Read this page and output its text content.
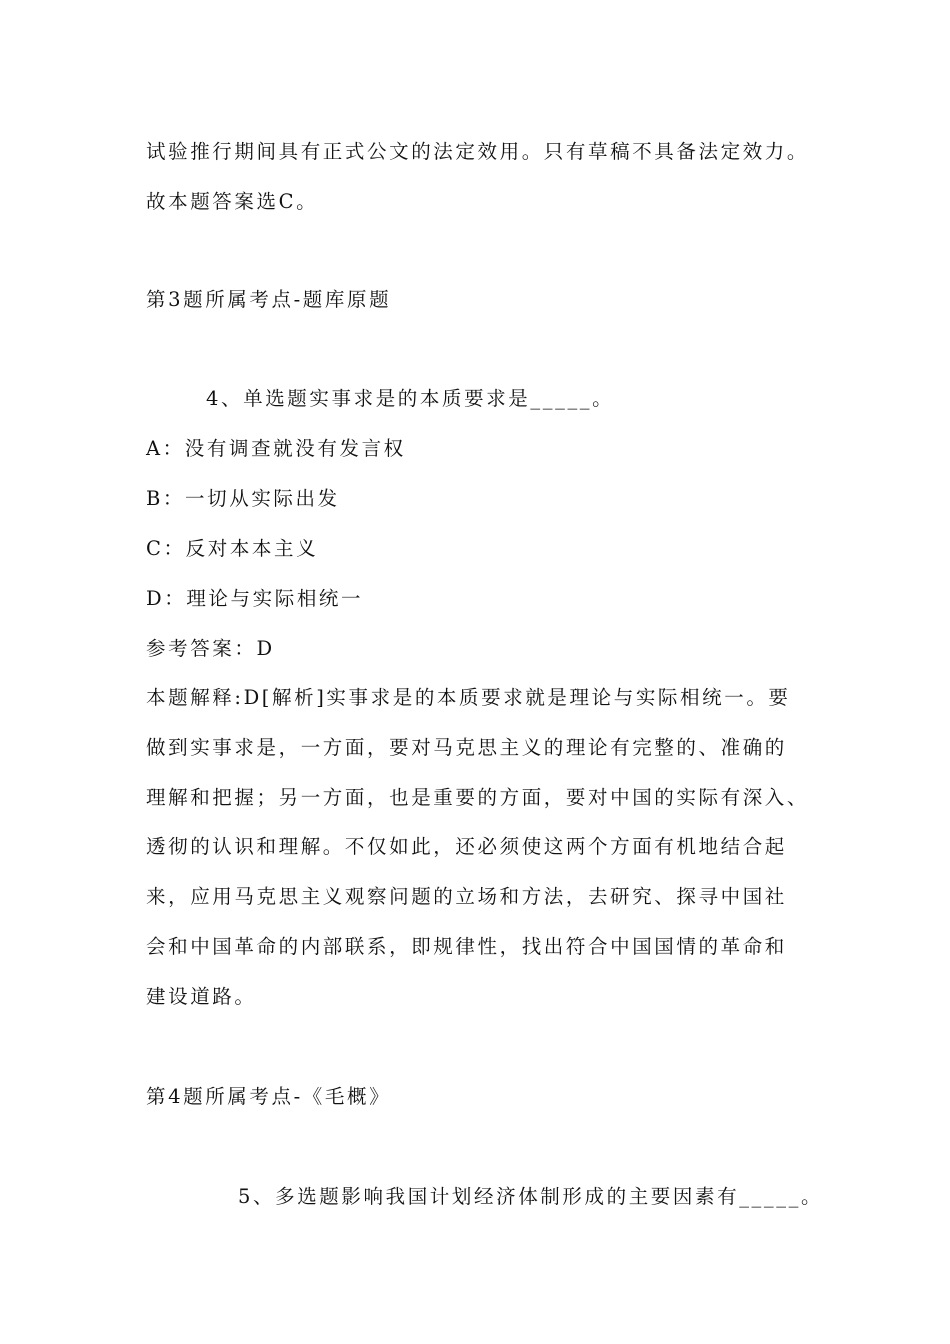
试验推行期间具有正式公文的法定效用。只有草稿不具备法定效力。
故本题答案选C。
第3题所属考点-题库原题
4、单选题实事求是的本质要求是_____。
A：没有调查就没有发言权
B：一切从实际出发
C：反对本本主义
D：理论与实际相统一
参考答案：D
本题解释:D[解析]实事求是的本质要求就是理论与实际相统一。要
做到实事求是，一方面，要对马克思主义的理论有完整的、准确的
理解和把握；另一方面，也是重要的方面，要对中国的实际有深入、
透彻的认识和理解。不仅如此，还必须使这两个方面有机地结合起
来，应用马克思主义观察问题的立场和方法，去研究、探寻中国社
会和中国革命的内部联系，即规律性，找出符合中国国情的革命和
建设道路。
第4题所属考点-《毛概》
5、多选题影响我国计划经济体制形成的主要因素有_____。
